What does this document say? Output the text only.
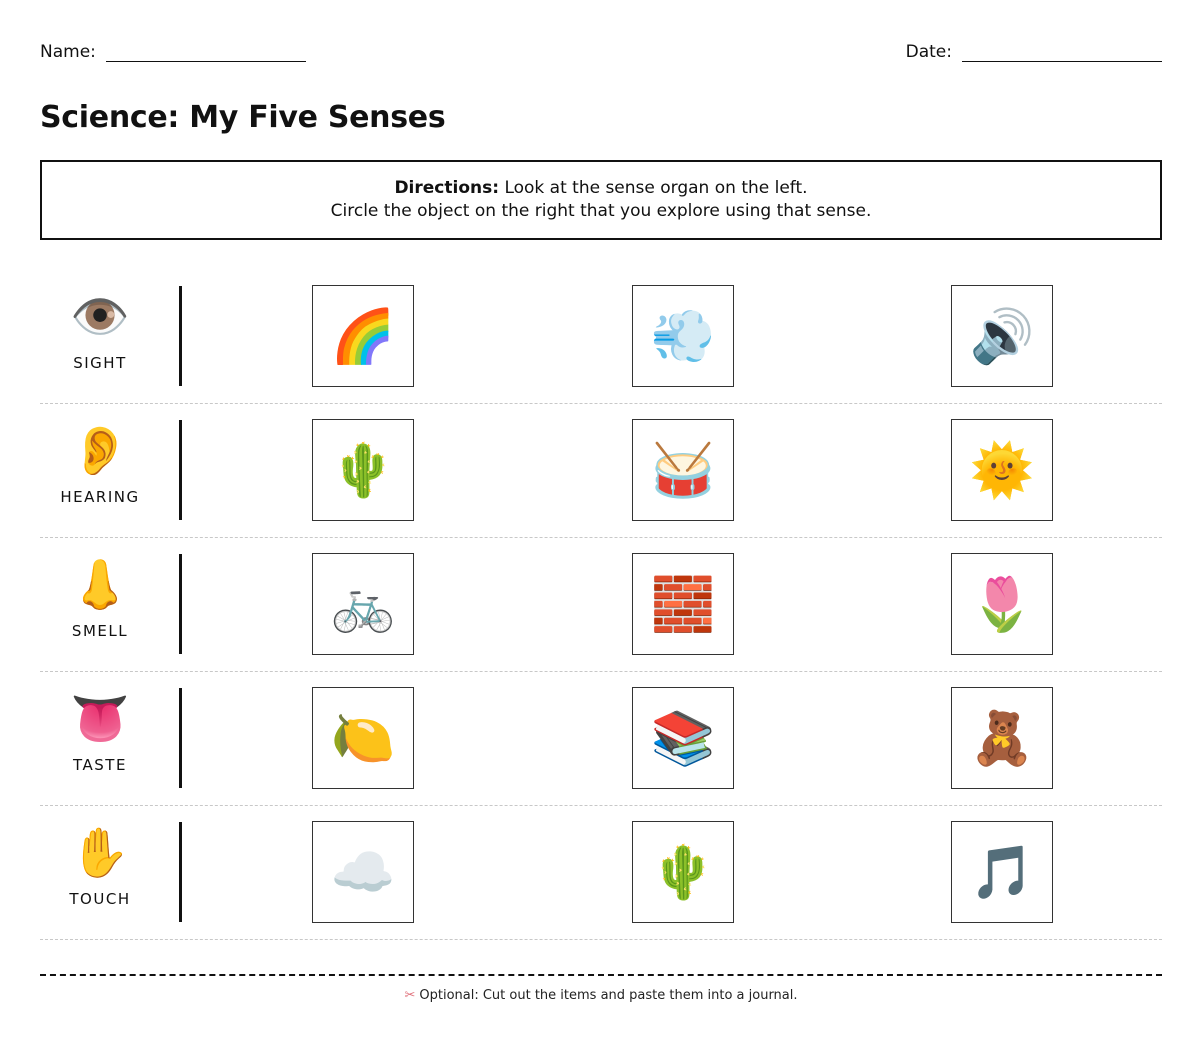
Name:	Date:
Science: My Five Senses
Directions: Look at the sense organ on the left.
Circle the object on the right that you explore using that sense.
👁️
SIGHT	🌈	💨	🔊
👂
HEARING	🌵	🥁	🌞
👃
SMELL	🚲	🧱	🌷
👅
TASTE	🍋	📚	🧸
✋
TOUCH	☁️	🌵	🎵
✂ Optional: Cut out the items and paste them into a journal.
